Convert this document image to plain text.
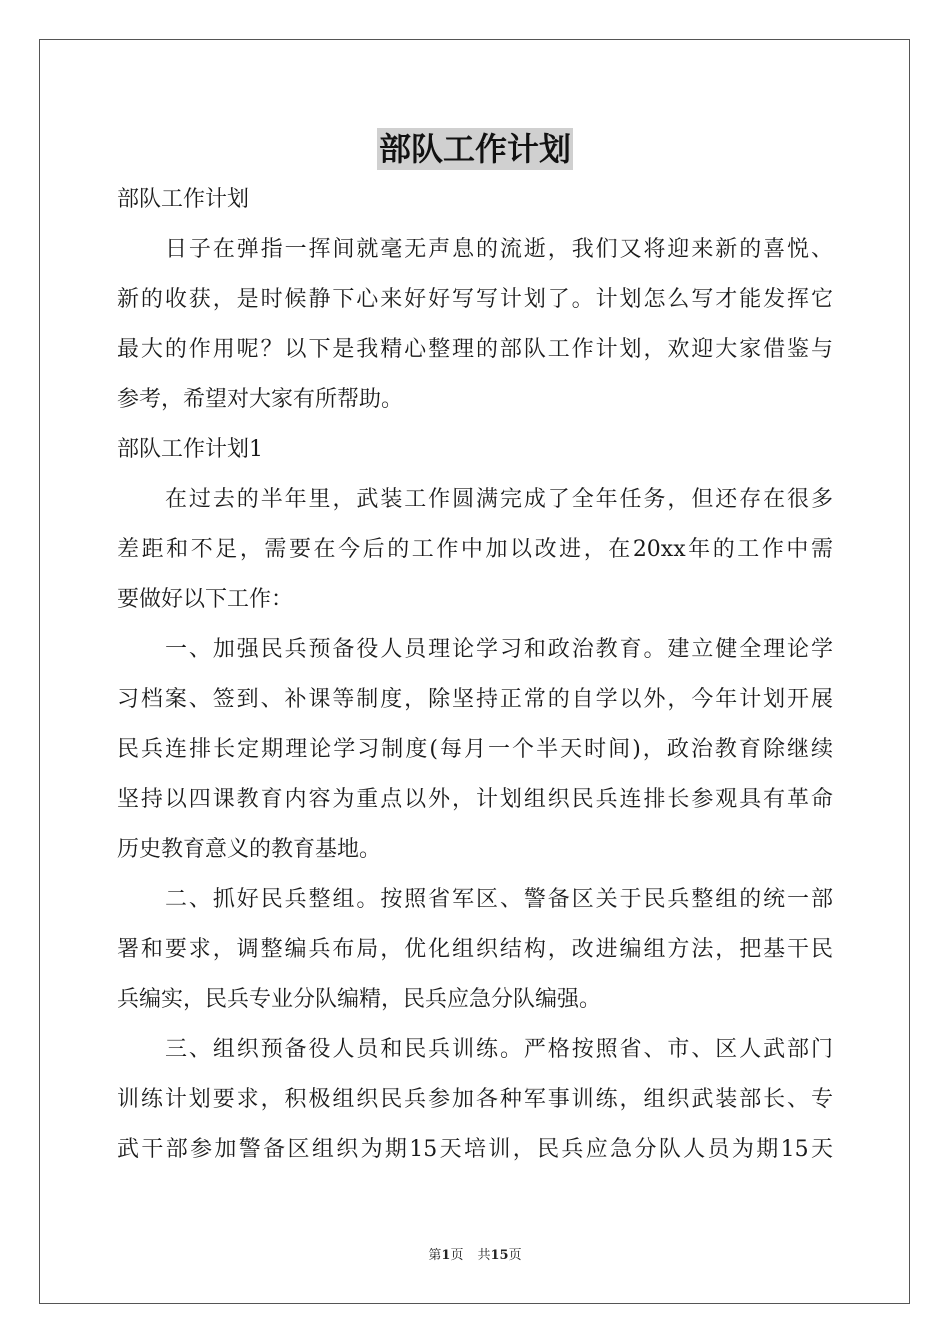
部队工作计划
部队工作计划
日子在弹指一挥间就毫无声息的流逝，我们又将迎来新的喜悦、
新的收获，是时候静下心来好好写写计划了。计划怎么写才能发挥它
最大的作用呢？以下是我精心整理的部队工作计划，欢迎大家借鉴与
参考，希望对大家有所帮助。
部队工作计划1
在过去的半年里，武装工作圆满完成了全年任务，但还存在很多
差距和不足，需要在今后的工作中加以改进，在20xx年的工作中需
要做好以下工作：
一、加强民兵预备役人员理论学习和政治教育。建立健全理论学
习档案、签到、补课等制度，除坚持正常的自学以外，今年计划开展
民兵连排长定期理论学习制度(每月一个半天时间)，政治教育除继续
坚持以四课教育内容为重点以外，计划组织民兵连排长参观具有革命
历史教育意义的教育基地。
二、抓好民兵整组。按照省军区、警备区关于民兵整组的统一部
署和要求，调整编兵布局，优化组织结构，改进编组方法，把基干民
兵编实，民兵专业分队编精，民兵应急分队编强。
三、组织预备役人员和民兵训练。严格按照省、市、区人武部门
训练计划要求，积极组织民兵参加各种军事训练，组织武装部长、专
武干部参加警备区组织为期15天培训，民兵应急分队人员为期15天
第1页 共15页
